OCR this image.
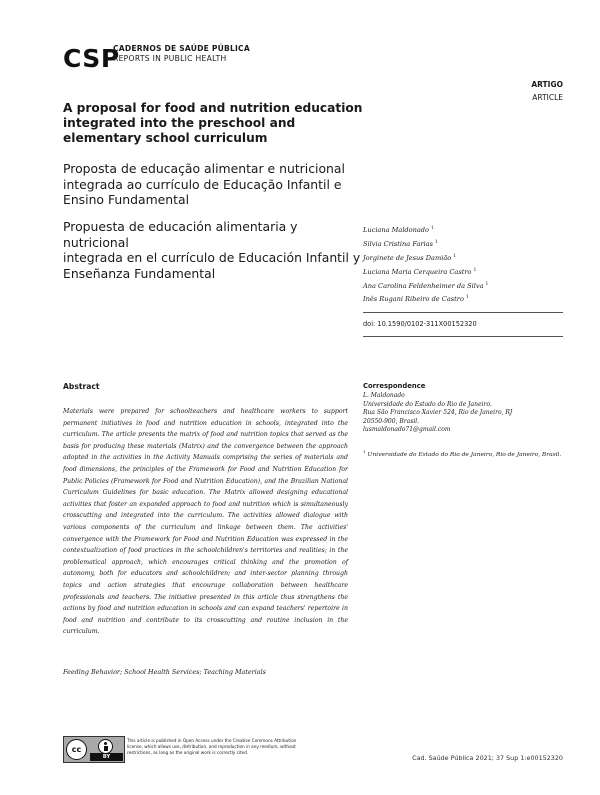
CSP
CADERNOS DE SAÚDE PÚBLICA
REPORTS IN PUBLIC HEALTH
ARTIGO
ARTICLE
A proposal for food and nutrition education integrated into the preschool and elementary school curriculum
Proposta de educação alimentar e nutricional
integrada ao currículo de Educação Infantil e
Ensino Fundamental
Propuesta de educación alimentaria y nutricional
integrada en el currículo de Educación Infantil y
Enseñanza Fundamental
Luciana Maldonado $^1$
Silvia Cristina Farias $^1$
Jorginete de Jesus Damião $^1$
Luciana Maria Cerqueira Castro $^1$
Ana Carolina Feldenheimer da Silva $^1$
Inês Rugani Ribeiro de Castro $^1$
doi: 10.1590/0102-311X00152320
Correspondence
L. Maldonado
Universidade do Estado do Rio de Janeiro.
Rua São Francisco Xavier 524, Rio de Janeiro, RJ
20550-900, Brasil.
lusmaldonado71@gmail.com
$^1$Universidade do Estado do Rio de Janeiro, Rio de Janeiro, Brasil.
Abstract
Materials were prepared for schoolteachers and healthcare workers to support permanent initiatives in food and nutrition education in schools, integrated into the curriculum. The article presents the matrix of food and nutrition topics that served as the basis for producing these materials (Matrix) and the convergence between the approach adopted in the activities in the Activity Manuals comprising the series of materials and food dimensions, the principles of the Framework for Food and Nutrition Education for Public Policies (Framework for Food and Nutrition Education), and the Brazilian National Curriculum Guidelines for basic education. The Matrix allowed designing educational activities that foster an expanded approach to food and nutrition which is simultaneously crosscutting and integrated into the curriculum. The activities allowed dialogue with various components of the curriculum and linkage between them. The activities' convergence with the Framework for Food and Nutrition Education was expressed in the contextualization of food practices in the schoolchildren's territories and realities; in the problematical approach, which encourages critical thinking and the promotion of autonomy, both for educators and schoolchildren; and inter-sector planning through topics and action strategies that encourage collaboration between healthcare professionals and teachers. The initiative presented in this article thus strengthens the actions by food and nutrition education in schools and can expand teachers' repertoire in food and nutrition and contribute to its crosscutting and routine inclusion in the curriculum.
Feeding Behavior; School Health Services; Teaching Materials
cc
BY
This article is published in Open Access under the Creative Commons Attribution license, which allows use, distribution, and reproduction in any medium, without restrictions, as long as the original work is correctly cited.
Cad. Saúde Pública 2021; 37 Sup 1:e00152320
